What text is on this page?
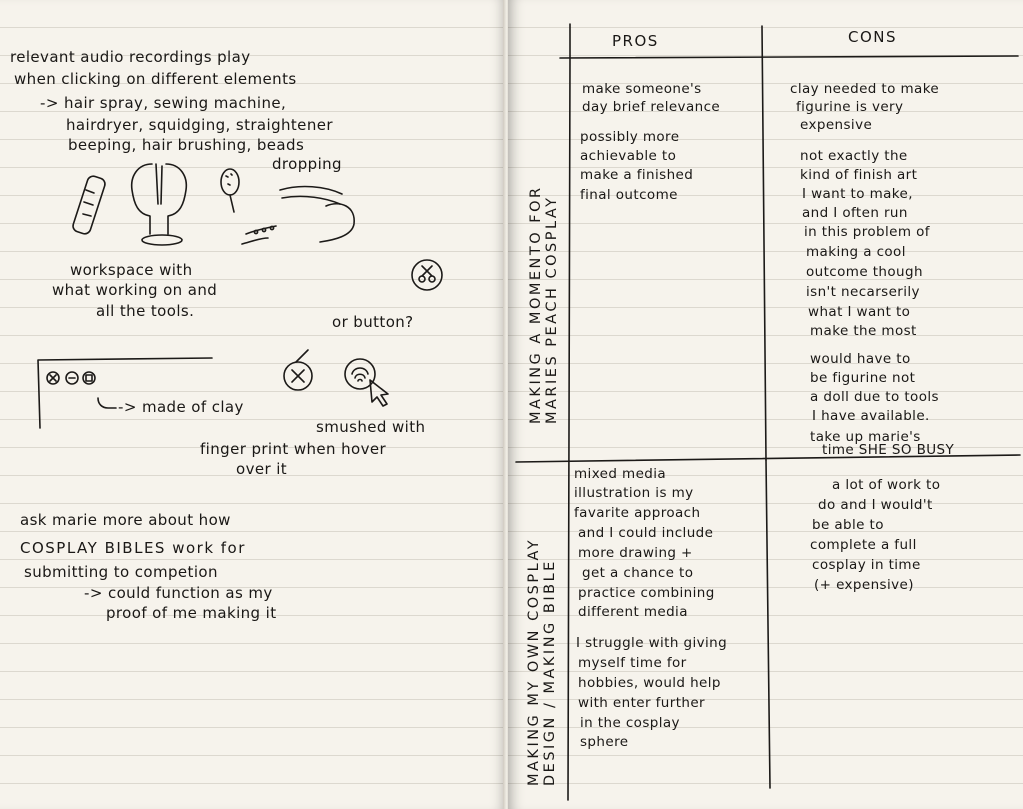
relevant audio recordings play
when clicking on different elements
-> hair spray, sewing machine,
hairdryer, squidging, straightener
beeping, hair brushing, beads
dropping
workspace with
what working on and
all the tools.
or button?
-> made of clay
smushed with
finger print when hover
over it
ask marie more about how
COSPLAY BIBLES work for
submitting to competion
-> could function as my
proof of me making it
PROS	CONS
MAKING A MOMENTO FOR MARIES PEACH COSPLAY
make someone's
day brief relevance
possibly more
achievable to
make a finished
final outcome
clay needed to make
figurine is very
expensive
not exactly the
kind of finish art
I want to make,
and I often run
in this problem of
making a cool
outcome though
isn't necarserily
what I want to
make the most
would have to
be figurine not
a doll due to tools
I have available.
take up marie's
time SHE SO BUSY
MAKING MY OWN COSPLAY DESIGN / MAKING BIBLE
mixed media
illustration is my
favarite approach
and I could include
more drawing +
get a chance to
practice combining
different media
I struggle with giving
myself time for
hobbies, would help
with enter further
in the cosplay
sphere
a lot of work to
do and I would't
be able to
complete a full
cosplay in time
(+ expensive)
